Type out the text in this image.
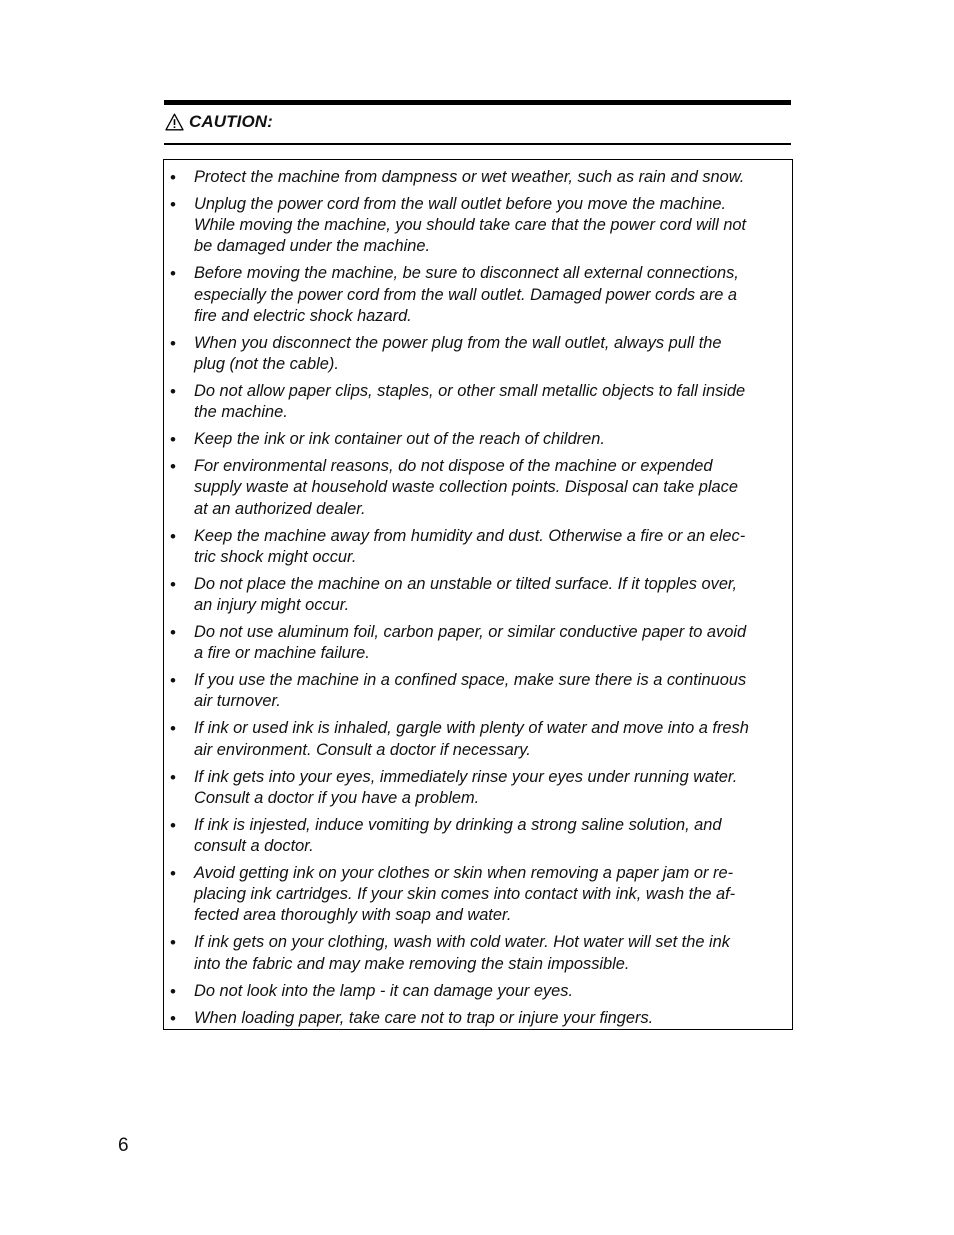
CAUTION:
• Protect the machine from dampness or wet weather, such as rain and snow.
• Unplug the power cord from the wall outlet before you move the machine.
While moving the machine, you should take care that the power cord will not
be damaged under the machine.
• Before moving the machine, be sure to disconnect all external connections,
especially the power cord from the wall outlet. Damaged power cords are a
fire and electric shock hazard.
• When you disconnect the power plug from the wall outlet, always pull the
plug (not the cable).
• Do not allow paper clips, staples, or other small metallic objects to fall inside
the machine.
• Keep the ink or ink container out of the reach of children.
• For environmental reasons, do not dispose of the machine or expended
supply waste at household waste collection points. Disposal can take place
at an authorized dealer.
• Keep the machine away from humidity and dust. Otherwise a fire or an elec-
tric shock might occur.
• Do not place the machine on an unstable or tilted surface. If it topples over,
an injury might occur.
• Do not use aluminum foil, carbon paper, or similar conductive paper to avoid
a fire or machine failure.
• If you use the machine in a confined space, make sure there is a continuous
air turnover.
• If ink or used ink is inhaled, gargle with plenty of water and move into a fresh
air environment. Consult a doctor if necessary.
• If ink gets into your eyes, immediately rinse your eyes under running water.
Consult a doctor if you have a problem.
• If ink is injested, induce vomiting by drinking a strong saline solution, and
consult a doctor.
• Avoid getting ink on your clothes or skin when removing a paper jam or re-
placing ink cartridges. If your skin comes into contact with ink, wash the af-
fected area thoroughly with soap and water.
• If ink gets on your clothing, wash with cold water. Hot water will set the ink
into the fabric and may make removing the stain impossible.
• Do not look into the lamp - it can damage your eyes.
• When loading paper, take care not to trap or injure your fingers.
6
